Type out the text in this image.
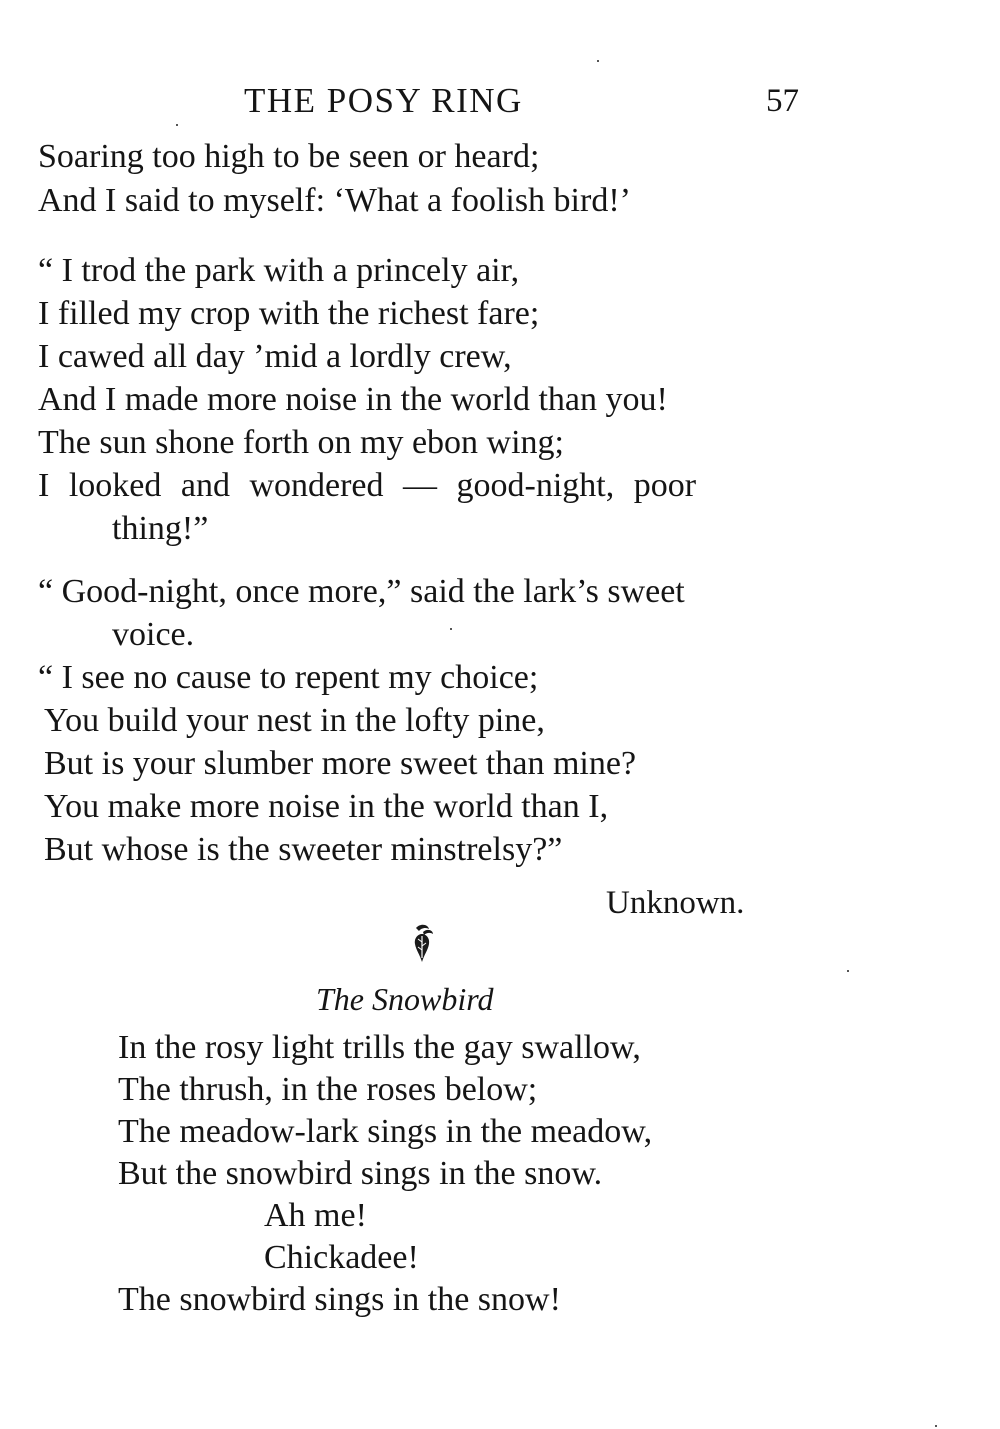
THE POSY RING	57
Soaring too high to be seen or heard;
And I said to myself: ‘What a foolish bird!’
“ I trod the park with a princely air,
I filled my crop with the richest fare;
I cawed all day ’mid a lordly crew,
And I made more noise in the world than you!
The sun shone forth on my ebon wing;
I looked and wondered — good-night, poor
thing!”
“ Good-night, once more,” said the lark’s sweet
voice.
“ I see no cause to repent my choice;
You build your nest in the lofty pine,
But is your slumber more sweet than mine?
You make more noise in the world than I,
But whose is the sweeter minstrelsy?”
Unknown.
The Snowbird
In the rosy light trills the gay swallow,
The thrush, in the roses below;
The meadow-lark sings in the meadow,
But the snowbird sings in the snow.
Ah me!
Chickadee!
The snowbird sings in the snow!
